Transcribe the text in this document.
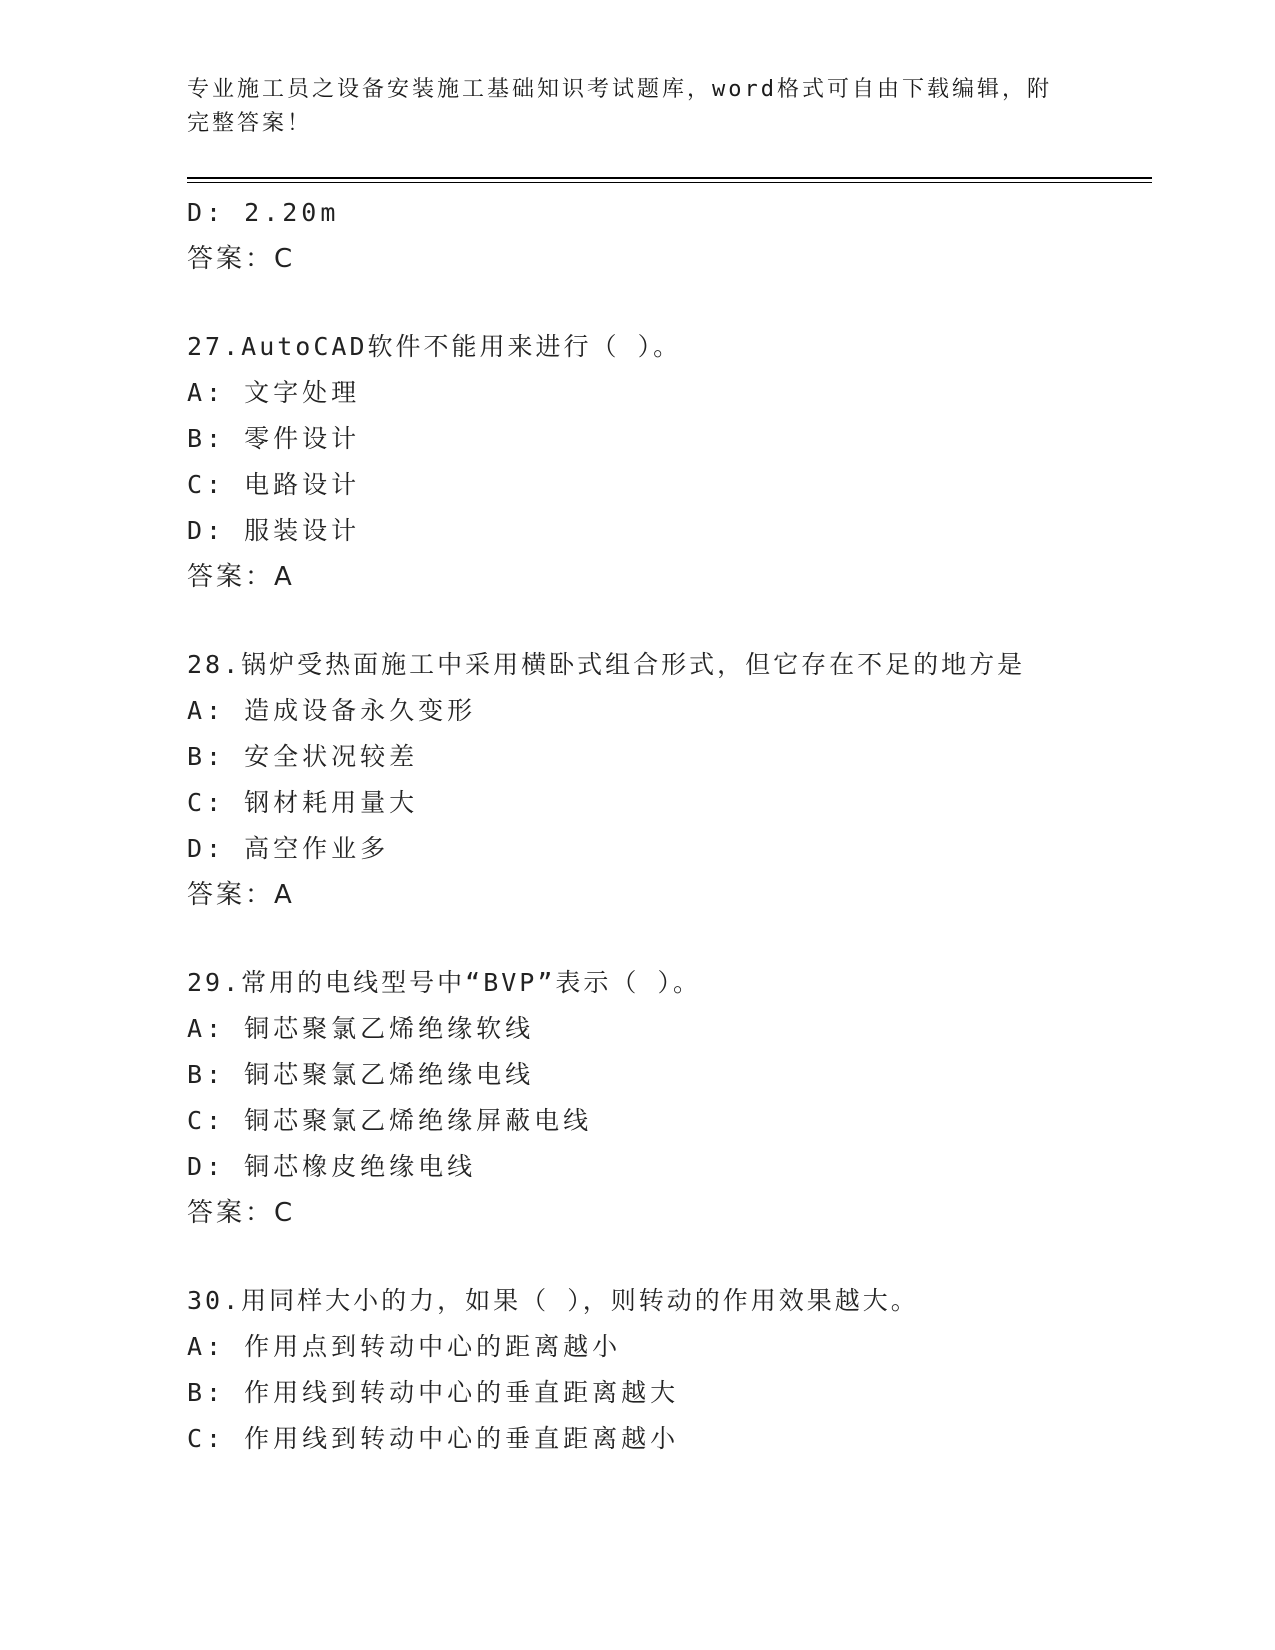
专业施工员之设备安装施工基础知识考试题库，word格式可自由下载编辑，附完整答案！
D: 2.20m
答案：C
27.AutoCAD软件不能用来进行（ ）。
A: 文字处理
B: 零件设计
C: 电路设计
D: 服装设计
答案：A
28.锅炉受热面施工中采用横卧式组合形式，但它存在不足的地方是
A: 造成设备永久变形
B: 安全状况较差
C: 钢材耗用量大
D: 高空作业多
答案：A
29.常用的电线型号中“BVP”表示（ ）。
A: 铜芯聚氯乙烯绝缘软线
B: 铜芯聚氯乙烯绝缘电线
C: 铜芯聚氯乙烯绝缘屏蔽电线
D: 铜芯橡皮绝缘电线
答案：C
30.用同样大小的力，如果（ ），则转动的作用效果越大。
A: 作用点到转动中心的距离越小
B: 作用线到转动中心的垂直距离越大
C: 作用线到转动中心的垂直距离越小
